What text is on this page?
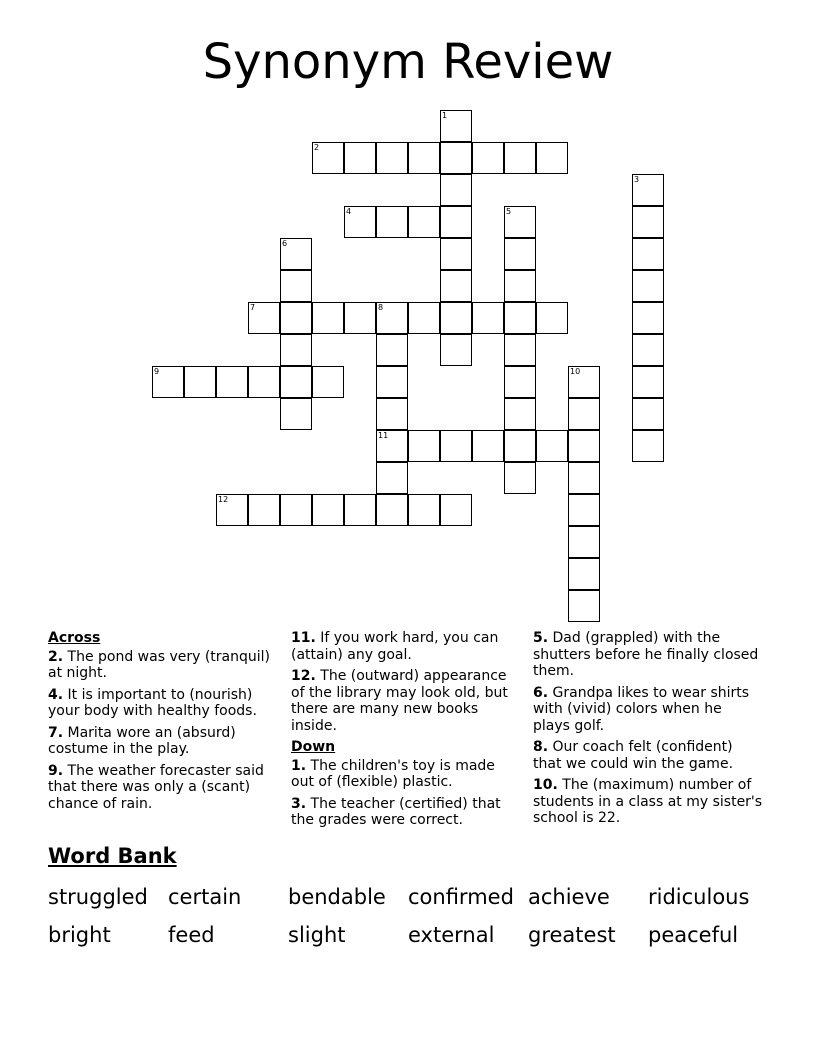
Synonym Review
1
2
3
4	5
6
7	8
11
9	10
12

Across

2. The pond was very (tranquil) at night.

4. It is important to (nourish) your body with healthy foods.

7. Marita wore an (absurd) costume in the play.

9. The weather forecaster said that there was only a (scant) chance of rain.

11. If you work hard, you can (attain) any goal.

12. The (outward) appearance of the library may look old, but there are many new books inside.

Down

1. The children's toy is made out of (flexible) plastic.

3. The teacher (certified) that the grades were correct.

5. Dad (grappled) with the shutters before he finally closed them.

6. Grandpa likes to wear shirts with (vivid) colors when he plays golf.

8. Our coach felt (confident) that we could win the game.

10. The (maximum) number of students in a class at my sister's school is 22.

Word Bank
struggled certain bendable confirmed achieve ridiculous
bright	feed	slight	external greatest peaceful
